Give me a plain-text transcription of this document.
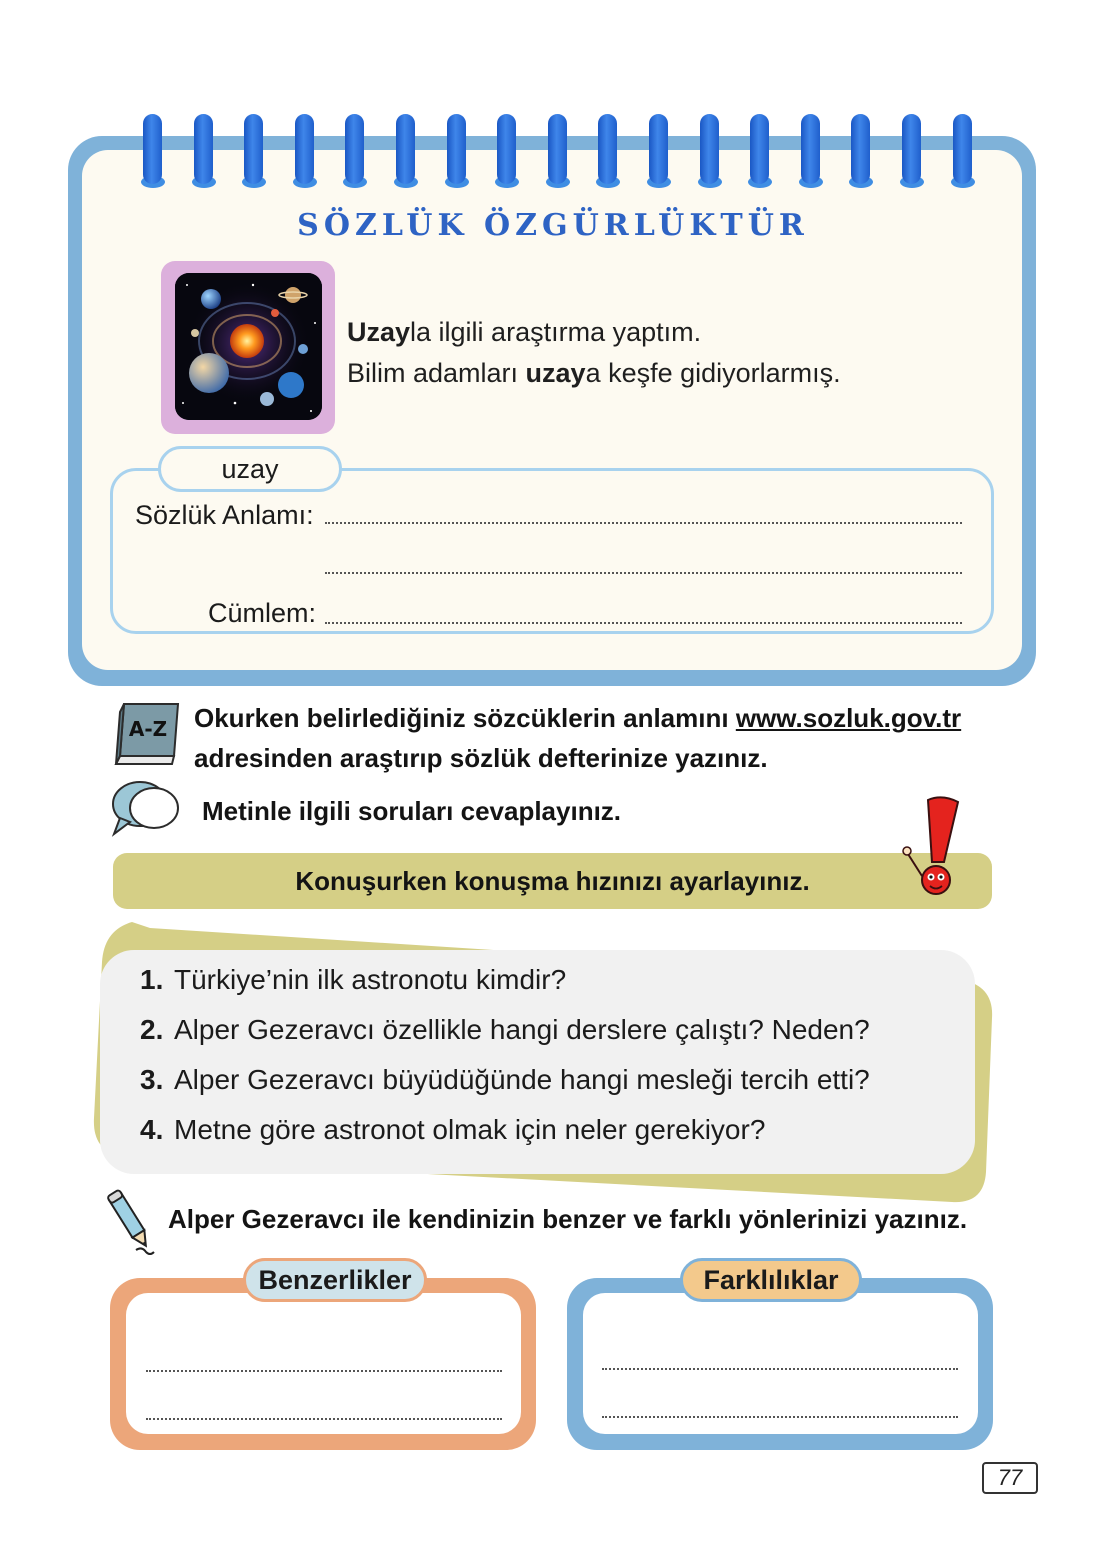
SÖZLÜK ÖZGÜRLÜKTÜR
Uzayla ilgili araştırma yaptım.
Bilim adamları uzaya keşfe gidiyorlarmış.
uzay
Sözlük Anlamı:
Cümlem:
A-Z Okurken belirlediğiniz sözcüklerin anlamını www.sozluk.gov.tr
adresinden araştırıp sözlük defterinize yazınız.
Metinle ilgili soruları cevaplayınız.
Konuşurken konuşma hızınızı ayarlayınız.
1. Türkiye’nin ilk astronotu kimdir?
2. Alper Gezeravcı özellikle hangi derslere çalıştı? Neden?
3. Alper Gezeravcı büyüdüğünde hangi mesleği tercih etti?
4. Metne göre astronot olmak için neler gerekiyor?
Alper Gezeravcı ile kendinizin benzer ve farklı yönlerinizi yazınız.
Benzerlikler	Farklılıklar
77
